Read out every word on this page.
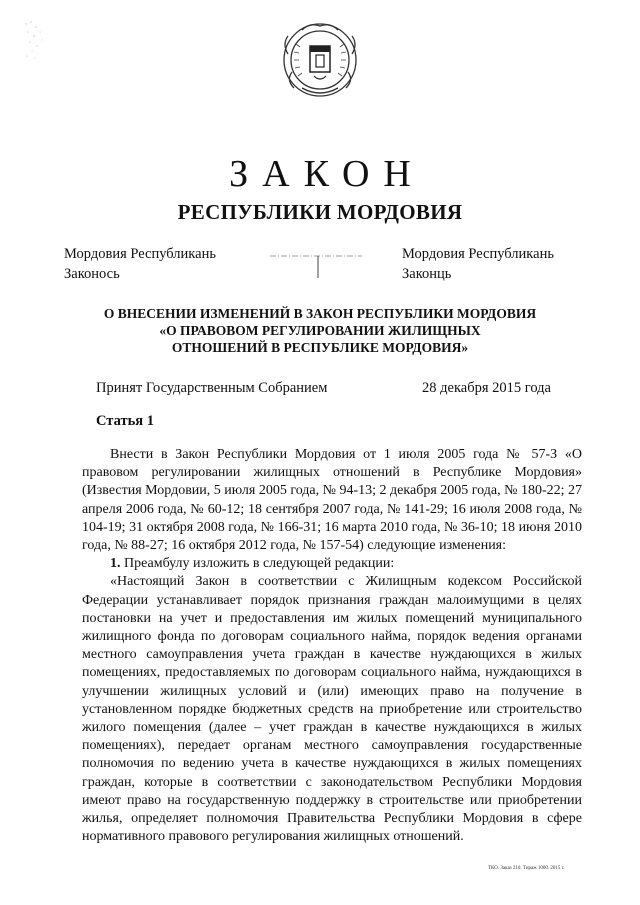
ЗАКОН
РЕСПУБЛИКИ МОРДОВИЯ
Мордовия Республикань
Законось
Мордовия Республикань
Законць
О ВНЕСЕНИИ ИЗМЕНЕНИЙ В ЗАКОН РЕСПУБЛИКИ МОРДОВИЯ
«О ПРАВОВОМ РЕГУЛИРОВАНИИ ЖИЛИЩНЫХ
ОТНОШЕНИЙ В РЕСПУБЛИКЕ МОРДОВИЯ»
Принят Государственным Собранием	28 декабря 2015 года
Статья 1

Внести в Закон Республики Мордовия от 1 июля 2005 года № 57-З «О правовом регулировании жилищных отношений в Республике Мордовия» (Известия Мордовии, 5 июля 2005 года, № 94-13; 2 декабря 2005 года, № 180-22; 27 апреля 2006 года, № 60-12; 18 сентября 2007 года, № 141-29; 16 июля 2008 года, № 104-19; 31 октября 2008 года, № 166-31; 16 марта 2010 года, № 36-10; 18 июня 2010 года, № 88-27; 16 октября 2012 года, № 157-54) следующие изменения:

1. Преамбулу изложить в следующей редакции:

«Настоящий Закон в соответствии с Жилищным кодексом Российской Федерации устанавливает порядок признания граждан малоимущими в целях постановки на учет и предоставления им жилых помещений муниципального жилищного фонда по договорам социального найма, порядок ведения органами местного самоуправления учета граждан в качестве нуждающихся в жилых помещениях, предоставляемых по договорам социального найма, нуждающихся в улучшении жилищных условий и (или) имеющих право на получение в установленном порядке бюджетных средств на приобретение или строительство жилого помещения (далее – учет граждан в качестве нуждающихся в жилых помещениях), передает органам местного самоуправления государственные полномочия по ведению учета в качестве нуждающихся в жилых помещениях граждан, которые в соответствии с законодательством Республики Мордовия имеют право на государственную поддержку в строительстве или приобретении жилья, определяет полномочия Правительства Республики Мордовия в сфере нормативного правового регулирования жилищных отношений.

ТКО. Заказ 210. Тираж 1000. 2015 г.
